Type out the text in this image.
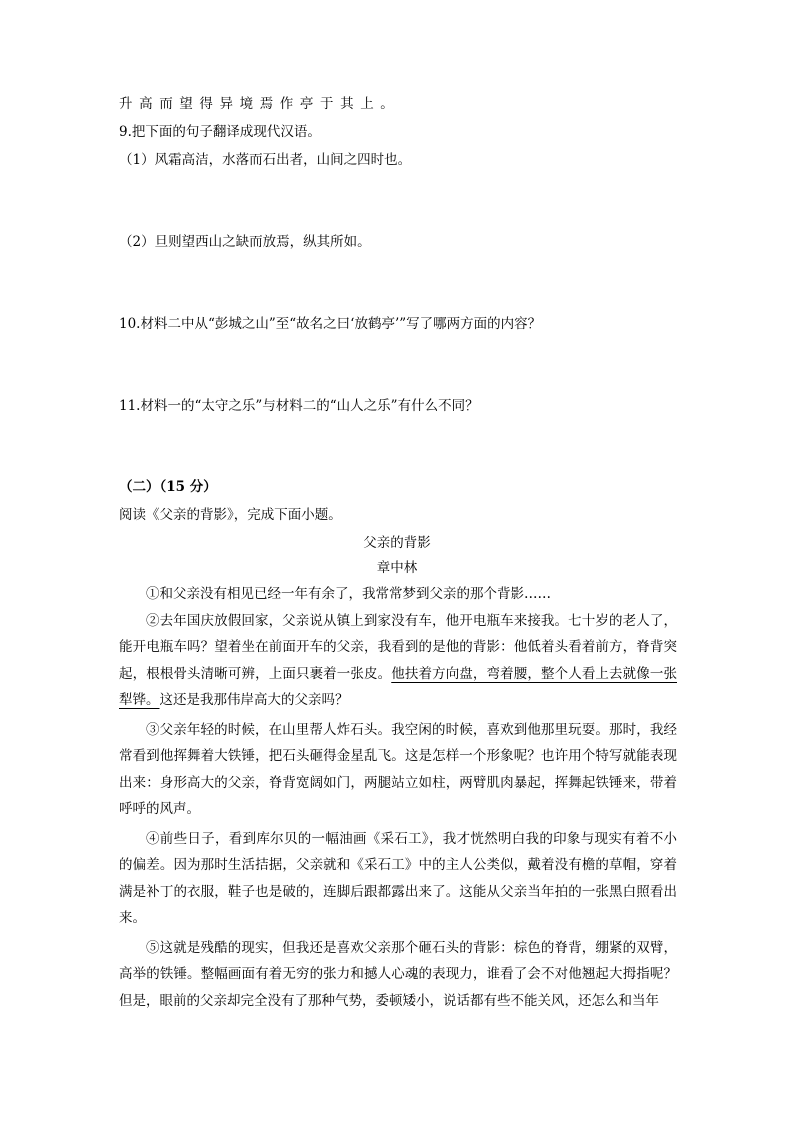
升高而望得异境焉作亭于其上。

9.把下面的句子翻译成现代汉语。

（1）风霜高洁，水落而石出者，山间之四时也。

（2）旦则望西山之缺而放焉，纵其所如。

10.材料二中从“彭城之山”至“故名之曰‘放鹤亭’”写了哪两方面的内容？

11.材料一的“太守之乐”与材料二的“山人之乐”有什么不同？

（二）（15 分）

阅读《父亲的背影》，完成下面小题。

父亲的背影

章中林

①和父亲没有相见已经一年有余了，我常常梦到父亲的那个背影……

②去年国庆放假回家，父亲说从镇上到家没有车，他开电瓶车来接我。七十岁的老人了，能开电瓶车吗？望着坐在前面开车的父亲，我看到的是他的背影：他低着头看着前方，脊背突起，根根骨头清晰可辨，上面只裹着一张皮。他扶着方向盘，弯着腰，整个人看上去就像一张犁铧。这还是我那伟岸高大的父亲吗？

③父亲年轻的时候，在山里帮人炸石头。我空闲的时候，喜欢到他那里玩耍。那时，我经常看到他挥舞着大铁锤，把石头砸得金星乱飞。这是怎样一个形象呢？也许用个特写就能表现出来：身形高大的父亲，脊背宽阔如门，两腿站立如柱，两臂肌肉暴起，挥舞起铁锤来，带着呼呼的风声。

④前些日子，看到库尔贝的一幅油画《采石工》，我才恍然明白我的印象与现实有着不小的偏差。因为那时生活拮据，父亲就和《采石工》中的主人公类似，戴着没有檐的草帽，穿着满是补丁的衣服，鞋子也是破的，连脚后跟都露出来了。这能从父亲当年拍的一张黑白照看出来。

⑤这就是残酷的现实，但我还是喜欢父亲那个砸石头的背影：棕色的脊背，绷紧的双臂，高举的铁锤。整幅画面有着无穷的张力和撼人心魂的表现力，谁看了会不对他翘起大拇指呢？但是，眼前的父亲却完全没有了那种气势，委顿矮小，说话都有些不能关风，还怎么和当年
